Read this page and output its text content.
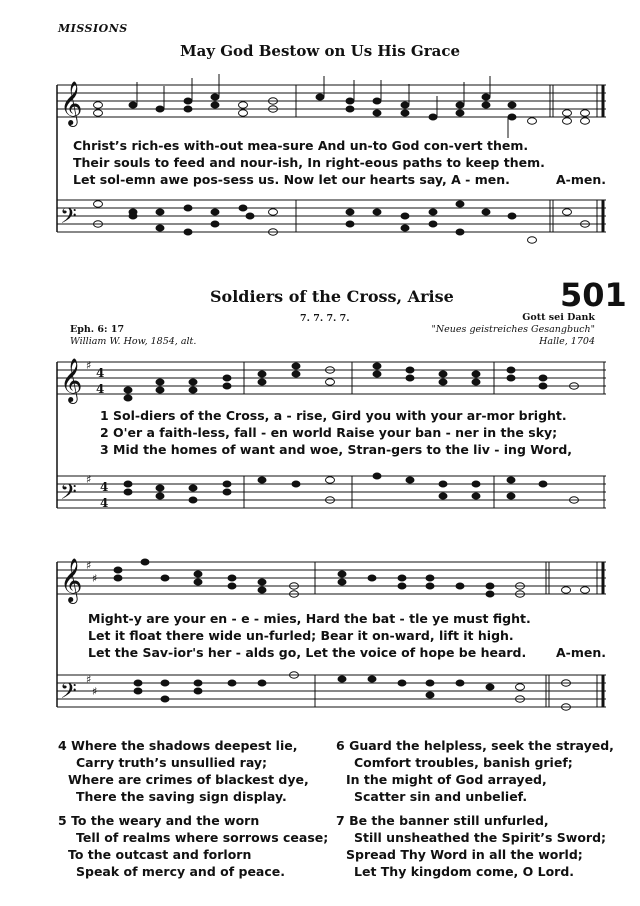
MISSIONS
May God Bestow on Us His Grace
𝄞
𝄢
𝄞
𝄢
𝄞
𝄢
♯
♯
♯
♯
♯
♯
4
4
4
4
Christ’s rich-es with-out mea-sure And un-to God con-vert them.
Their souls to feed and nour-ish, In right-eous paths to keep them.
Let sol-emn awe pos-sess us. Now let our hearts say, A - men.	A-men.
Soldiers of the Cross, Arise	501
7. 7. 7. 7.
Eph. 6: 17
William W. How, 1854, alt.
Gott sei Dank
"Neues geistreiches Gesangbuch"
Halle, 1704
1 Sol-diers of the Cross, a - rise, Gird you with your ar-mor bright.
2 O'er a faith-less, fall - en world Raise your ban - ner in the sky;
3 Mid the homes of want and woe, Stran-gers to the liv - ing Word,
Might-y are your en - e - mies, Hard the bat - tle ye must fight.
Let it float there wide un-furled; Bear it on-ward, lift it high.
Let the Sav-ior's her - alds go, Let the voice of hope be heard. A-men.
4 Where the shadows deepest lie,
Carry truth’s unsullied ray;
Where are crimes of blackest dye,
There the saving sign display.
5 To the weary and the worn
Tell of realms where sorrows cease;
To the outcast and forlorn
Speak of mercy and of peace.
6 Guard the helpless, seek the strayed,
Comfort troubles, banish grief;
In the might of God arrayed,
Scatter sin and unbelief.
7 Be the banner still unfurled,
Still unsheathed the Spirit’s Sword;
Spread Thy Word in all the world;
Let Thy kingdom come, O Lord.
